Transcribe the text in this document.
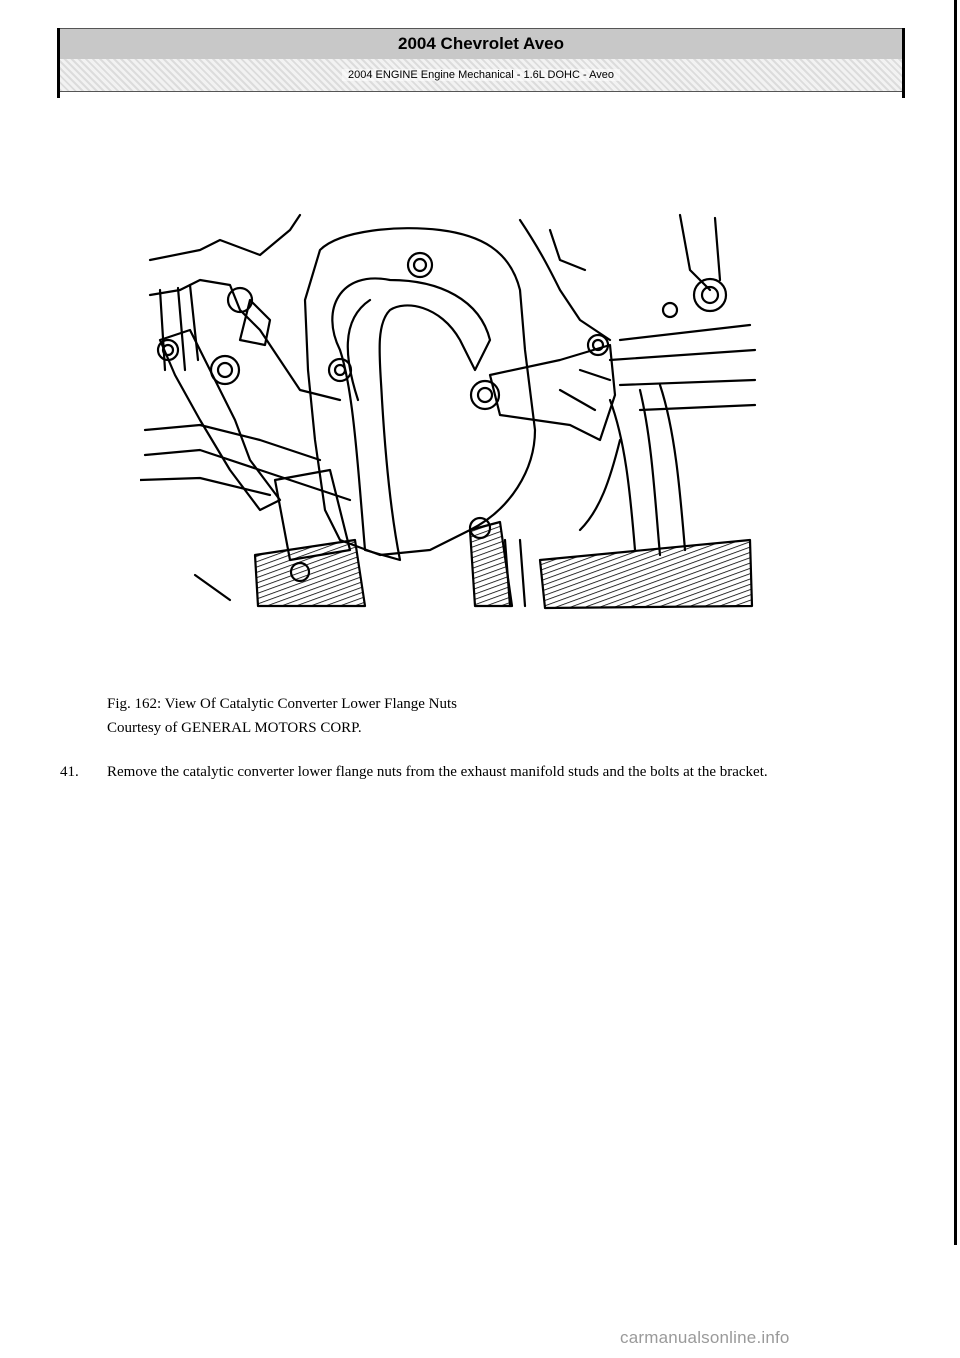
2004 Chevrolet Aveo
2004 ENGINE Engine Mechanical - 1.6L DOHC - Aveo
Fig. 162: View Of Catalytic Converter Lower Flange Nuts
Courtesy of GENERAL MOTORS CORP.
41.	Remove the catalytic converter lower flange nuts from the exhaust manifold studs and the bolts at the bracket.
carmanualsonline.info
